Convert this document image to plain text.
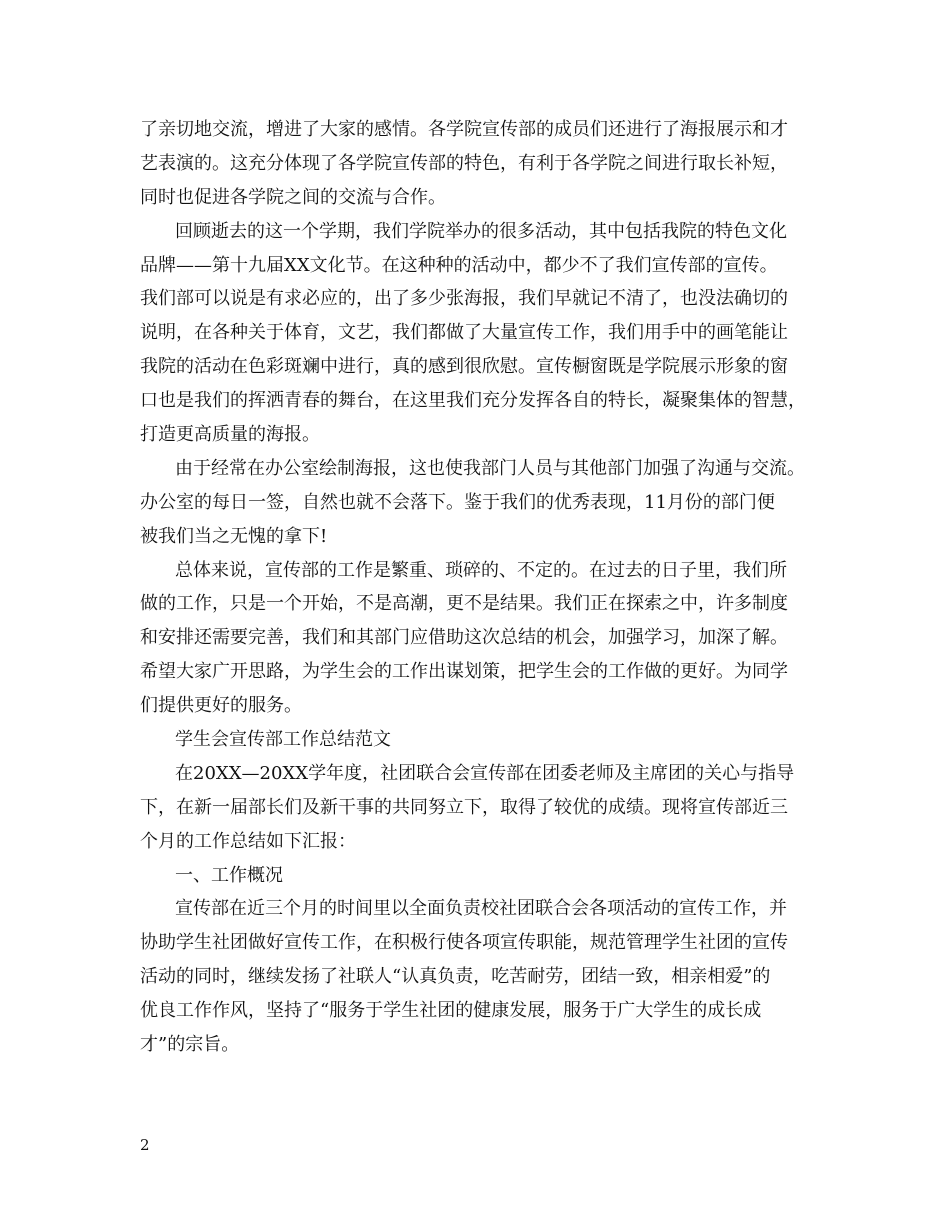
了亲切地交流，增进了大家的感情。各学院宣传部的成员们还进行了海报展示和才
艺表演的。这充分体现了各学院宣传部的特色，有利于各学院之间进行取长补短，
同时也促进各学院之间的交流与合作。
回顾逝去的这一个学期，我们学院举办的很多活动，其中包括我院的特色文化
品牌——第十九届XX文化节。在这种种的活动中，都少不了我们宣传部的宣传。
我们部可以说是有求必应的，出了多少张海报，我们早就记不清了，也没法确切的
说明，在各种关于体育，文艺，我们都做了大量宣传工作，我们用手中的画笔能让
我院的活动在色彩斑斓中进行，真的感到很欣慰。宣传橱窗既是学院展示形象的窗
口也是我们的挥洒青春的舞台，在这里我们充分发挥各自的特长，凝聚集体的智慧，
打造更高质量的海报。
由于经常在办公室绘制海报，这也使我部门人员与其他部门加强了沟通与交流。
办公室的每日一签，自然也就不会落下。鉴于我们的优秀表现，11月份的部门便
被我们当之无愧的拿下!
总体来说，宣传部的工作是繁重、琐碎的、不定的。在过去的日子里，我们所
做的工作，只是一个开始，不是高潮，更不是结果。我们正在探索之中，许多制度
和安排还需要完善，我们和其部门应借助这次总结的机会，加强学习，加深了解。
希望大家广开思路，为学生会的工作出谋划策，把学生会的工作做的更好。为同学
们提供更好的服务。
学生会宣传部工作总结范文
在20XX—20XX学年度，社团联合会宣传部在团委老师及主席团的关心与指导
下，在新一届部长们及新干事的共同努立下，取得了较优的成绩。现将宣传部近三
个月的工作总结如下汇报：
一、工作概况
宣传部在近三个月的时间里以全面负责校社团联合会各项活动的宣传工作，并
协助学生社团做好宣传工作，在积极行使各项宣传职能，规范管理学生社团的宣传
活动的同时，继续发扬了社联人“认真负责，吃苦耐劳，团结一致，相亲相爱”的
优良工作作风，坚持了“服务于学生社团的健康发展，服务于广大学生的成长成
才”的宗旨。
2
